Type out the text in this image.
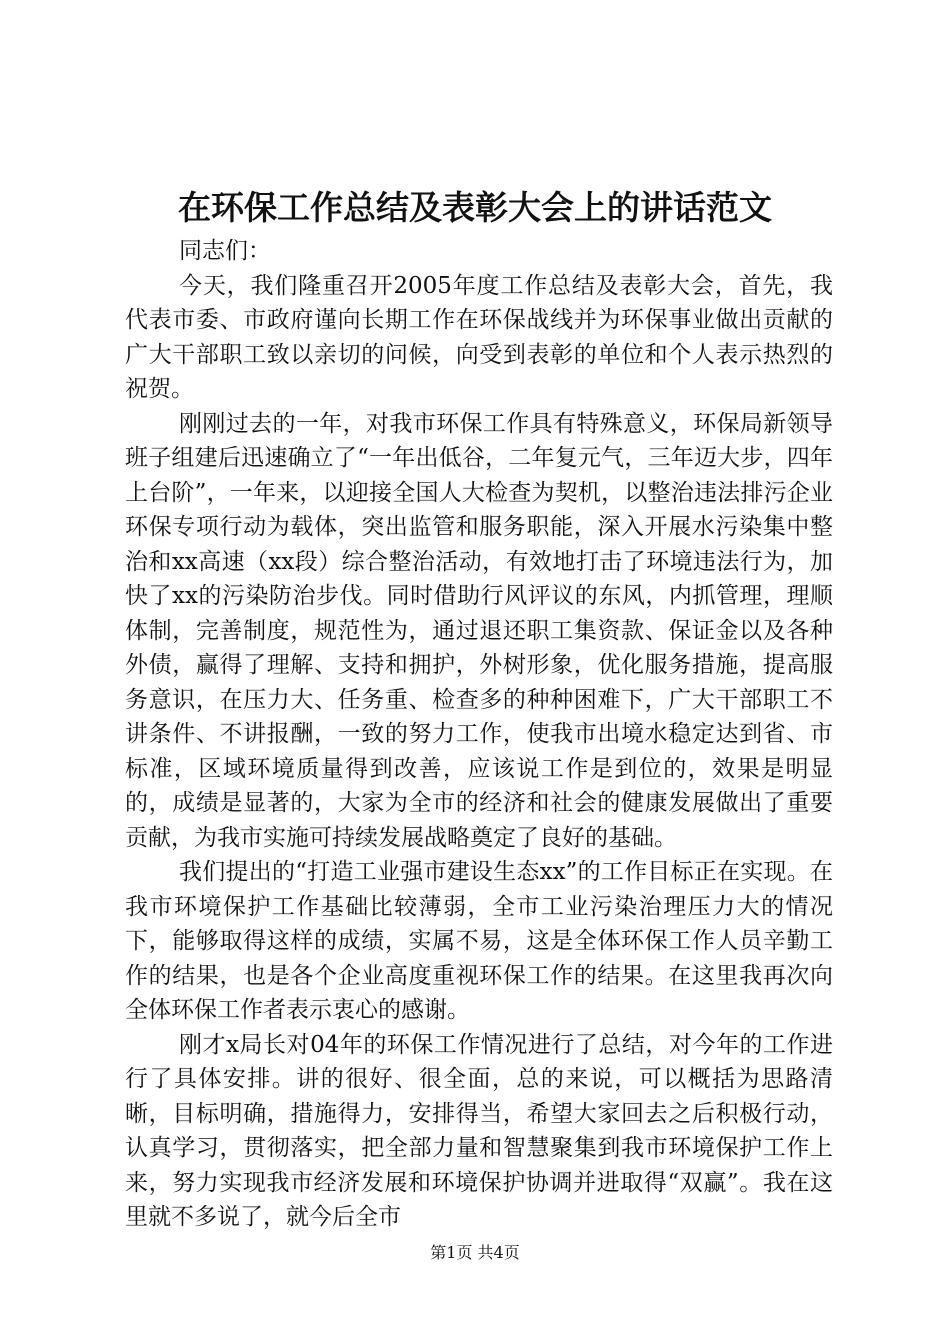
在环保工作总结及表彰大会上的讲话范文

同志们：

今天，我们隆重召开2005年度工作总结及表彰大会，首先，我代表市委、市政府谨向长期工作在环保战线并为环保事业做出贡献的广大干部职工致以亲切的问候，向受到表彰的单位和个人表示热烈的祝贺。

刚刚过去的一年，对我市环保工作具有特殊意义，环保局新领导班子组建后迅速确立了“一年出低谷，二年复元气，三年迈大步，四年上台阶”，一年来，以迎接全国人大检查为契机，以整治违法排污企业环保专项行动为载体，突出监管和服务职能，深入开展水污染集中整治和xx高速（xx段）综合整治活动，有效地打击了环境违法行为，加快了xx的污染防治步伐。同时借助行风评议的东风，内抓管理，理顺体制，完善制度，规范性为，通过退还职工集资款、保证金以及各种外债，赢得了理解、支持和拥护，外树形象，优化服务措施，提高服务意识，在压力大、任务重、检查多的种种困难下，广大干部职工不讲条件、不讲报酬，一致的努力工作，使我市出境水稳定达到省、市标准，区域环境质量得到改善，应该说工作是到位的，效果是明显的，成绩是显著的，大家为全市的经济和社会的健康发展做出了重要贡献，为我市实施可持续发展战略奠定了良好的基础。

我们提出的“打造工业强市建设生态xx”的工作目标正在实现。在我市环境保护工作基础比较薄弱，全市工业污染治理压力大的情况下，能够取得这样的成绩，实属不易，这是全体环保工作人员辛勤工作的结果，也是各个企业高度重视环保工作的结果。在这里我再次向全体环保工作者表示衷心的感谢。

刚才x局长对04年的环保工作情况进行了总结，对今年的工作进行了具体安排。讲的很好、很全面，总的来说，可以概括为思路清晰，目标明确，措施得力，安排得当，希望大家回去之后积极行动，认真学习，贯彻落实，把全部力量和智慧聚集到我市环境保护工作上来，努力实现我市经济发展和环境保护协调并进取得“双赢”。我在这里就不多说了，就今后全市

第1页 共4页
